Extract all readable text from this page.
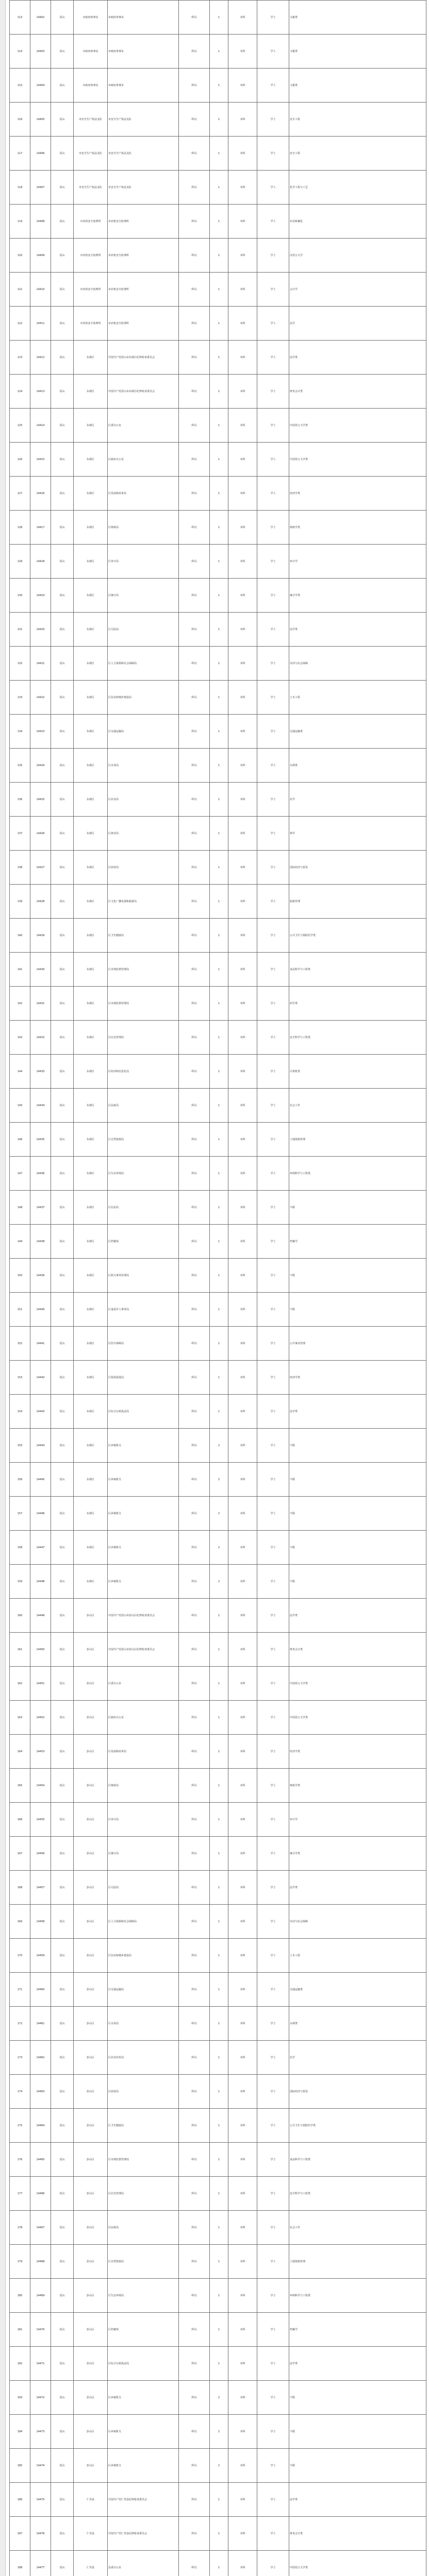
113	14402	眉山	市政府参事室	市政府参事室	科员	1	本科	学士	文秘类
114	14403	眉山	市政府参事室	市政府参事室	科员	1	本科	学士	文秘类
115	14404	眉山	市政府参事室	市政府参事室	科员	1	本科	学士	文秘类
116	14405	眉山	市安全生产执法支队	市安全生产执法支队	科员	1	本科	学士	安全工程
117	14406	眉山	市安全生产执法支队	市安全生产执法支队	科员	1	本科	学士	安全工程
118	14407	眉山	市安全生产执法支队	市安全生产执法支队	科员	1	本科	学士	化学工程与工艺
119	14408	眉山	市农机安全监理所	市农机安全监理所	科员	1	本科	学士	农业机械化
120	14409	眉山	市农机安全监理所	市农机安全监理所	科员	1	本科	学士	汉语言文学
121	14410	眉山	市农机安全监理所	市农机安全监理所	科员	1	本科	学士	会计学
122	14411	眉山	市农机安全监理所	市农机安全监理所	科员	1	本科	学士	法学
123	14412	眉山	东坡区	中国共产党眉山市东坡区纪律检查委员会	科员	1	本科	学士	法学类
124	14413	眉山	东坡区	中国共产党眉山市东坡区纪律检查委员会	科员	1	本科	学士	财务会计类
125	14414	眉山	东坡区	区委办公室	科员	1	本科	学士	中国语言文学类
126	14415	眉山	东坡区	区政府办公室	科员	1	本科	学士	中国语言文学类
127	14416	眉山	东坡区	区发展和改革局	科员	1	本科	学士	经济学类
128	14417	眉山	东坡区	区财政局	科员	1	本科	学士	财政学类
129	14418	眉山	东坡区	区审计局	科员	1	本科	学士	审计学
130	14419	眉山	东坡区	区统计局	科员	1	本科	学士	统计学类
131	14420	眉山	东坡区	区司法局	科员	1	本科	学士	法学类
132	14421	眉山	东坡区	区人力资源和社会保障局	科员	1	本科	学士	劳动与社会保障
133	14422	眉山	东坡区	区住房和城乡建设局	科员	1	本科	学士	土木工程
134	14423	眉山	东坡区	区交通运输局	科员	1	本科	学士	交通运输类
135	14424	眉山	东坡区	区水务局	科员	1	本科	学士	水利类
136	14425	眉山	东坡区	区农业局	科员	1	本科	学士	农学
137	14426	眉山	东坡区	区林业局	科员	1	本科	学士	林学
138	14427	眉山	东坡区	区商务局	科员	1	本科	学士	国际经济与贸易
139	14428	眉山	东坡区	区文化广播电视和旅游局	科员	1	本科	学士	旅游管理
140	14429	眉山	东坡区	区卫生健康局	科员	1	本科	学士	公共卫生与预防医学类
141	14430	眉山	东坡区	区市场监督管理局	科员	1	本科	学士	食品科学与工程类
142	14431	眉山	东坡区	区市场监督管理局	科员	1	本科	学士	药学类
143	14432	眉山	东坡区	区应急管理局	科员	1	本科	学士	安全科学与工程类
144	14433	眉山	东坡区	区经济和信息化局	科员	1	本科	学士	计算机类
145	14434	眉山	东坡区	区民政局	科员	1	本科	学士	社会工作
146	14435	眉山	东坡区	区自然资源局	科员	1	本科	学士	土地资源管理
147	14436	眉山	东坡区	区生态环境局	科员	1	本科	学士	环境科学与工程类
148	14437	眉山	东坡区	区信访局	科员	1	本科	学士	不限
149	14438	眉山	东坡区	区档案馆	科员	1	本科	学士	档案学
150	14439	眉山	东坡区	区机关事务管理局	科员	1	本科	学士	不限
151	14440	眉山	东坡区	区退役军人事务局	科员	1	本科	学士	不限
152	14441	眉山	东坡区	区医疗保障局	科员	1	本科	学士	公共事业管理
153	14442	眉山	东坡区	区投资促进局	科员	1	本科	学士	经济学类
154	14443	眉山	东坡区	区综合行政执法局	科员	1	本科	学士	法学类
155	14444	眉山	东坡区	区乡镇机关	科员	2	本科	学士	不限
156	14445	眉山	东坡区	区乡镇机关	科员	2	本科	学士	不限
157	14446	眉山	东坡区	区乡镇机关	科员	2	本科	学士	不限
158	14447	眉山	东坡区	区乡镇机关	科员	2	本科	学士	不限
159	14448	眉山	东坡区	区乡镇机关	科员	2	本科	学士	不限
160	14449	眉山	彭山区	中国共产党眉山市彭山区纪律检查委员会	科员	1	本科	学士	法学类
161	14450	眉山	彭山区	中国共产党眉山市彭山区纪律检查委员会	科员	1	本科	学士	财务会计类
162	14451	眉山	彭山区	区委办公室	科员	1	本科	学士	中国语言文学类
163	14452	眉山	彭山区	区政府办公室	科员	1	本科	学士	中国语言文学类
164	14453	眉山	彭山区	区发展和改革局	科员	1	本科	学士	经济学类
165	14454	眉山	彭山区	区财政局	科员	1	本科	学士	财政学类
166	14455	眉山	彭山区	区审计局	科员	1	本科	学士	审计学
167	14456	眉山	彭山区	区统计局	科员	1	本科	学士	统计学类
168	14457	眉山	彭山区	区司法局	科员	1	本科	学士	法学类
169	14458	眉山	彭山区	区人力资源和社会保障局	科员	1	本科	学士	劳动与社会保障
170	14459	眉山	彭山区	区住房和城乡建设局	科员	1	本科	学士	土木工程
171	14460	眉山	彭山区	区交通运输局	科员	1	本科	学士	交通运输类
172	14461	眉山	彭山区	区水务局	科员	1	本科	学士	水利类
173	14462	眉山	彭山区	区农业农村局	科员	1	本科	学士	农学
174	14463	眉山	彭山区	区商务局	科员	1	本科	学士	国际经济与贸易
175	14464	眉山	彭山区	区卫生健康局	科员	1	本科	学士	公共卫生与预防医学类
176	14465	眉山	彭山区	区市场监督管理局	科员	1	本科	学士	食品科学与工程类
177	14466	眉山	彭山区	区应急管理局	科员	1	本科	学士	安全科学与工程类
178	14467	眉山	彭山区	区民政局	科员	1	本科	学士	社会工作
179	14468	眉山	彭山区	区自然资源局	科员	1	本科	学士	土地资源管理
180	14469	眉山	彭山区	区生态环境局	科员	1	本科	学士	环境科学与工程类
181	14470	眉山	彭山区	区档案馆	科员	1	本科	学士	档案学
182	14471	眉山	彭山区	区综合行政执法局	科员	1	本科	学士	法学类
183	14472	眉山	彭山区	区乡镇机关	科员	2	本科	学士	不限
184	14473	眉山	彭山区	区乡镇机关	科员	2	本科	学士	不限
185	14474	眉山	彭山区	区乡镇机关	科员	2	本科	学士	不限
186	14475	眉山	仁寿县	中国共产党仁寿县纪律检查委员会	科员	1	本科	学士	法学类
187	14476	眉山	仁寿县	中国共产党仁寿县纪律检查委员会	科员	1	本科	学士	财务会计类
188	14477	眉山	仁寿县	县委办公室	科员	1	本科	学士	中国语言文学类
